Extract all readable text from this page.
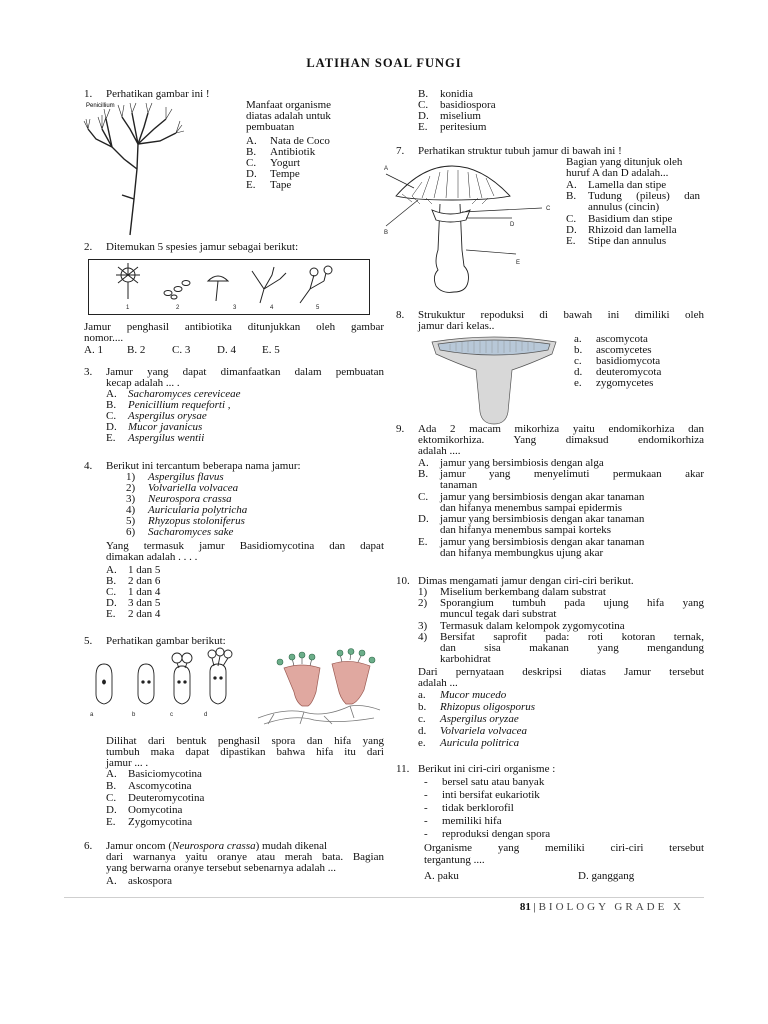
LATIHAN SOAL FUNGI
1.	Perhatikan gambar ini !
Penicillium	Manfaat organisme
diatas adalah untuk
pembuatan
A.	Nata de Coco
B.	Antibiotik
C.	Yogurt
D.	Tempe
E.	Tape
2.	Ditemukan 5 spesies jamur sebagai berikut:
1	2	3	4	5
Jamur penghasil antibiotika ditunjukkan oleh gambar
nomor....
A. 1 B. 2 C. 3 D. 4 E. 5
3.	Jamur yang dapat dimanfaatkan dalam pembuatan
kecap adalah ... .
A.	Sacharomyces cereviceae
B.	Penicillium requeforti ,
C.	Aspergilus orysae
D.	Mucor javanicus
E.	Aspergilus wentii
4.	Berikut ini tercantum beberapa nama jamur:
1)	Aspergilus flavus
2)	Volvariella volvacea
3)	Neurospora crassa
4)	Auricularia polytricha
5)	Rhyzopus stoloniferus
6)	Sacharomyces sake
Yang termasuk jamur Basidiomycotina dan dapat
dimakan adalah . . . .
A.	1 dan 5
B.	2 dan 6
C.	1 dan 4
D.	3 dan 5
E.	2 dan 4
5.	Perhatikan gambar berikut:
a	b	c	d
Dilihat dari bentuk penghasil spora dan hifa yang
tumbuh maka dapat dipastikan bahwa hifa itu dari
jamur ... .
A.	Basiciomycotina
B.	Ascomycotina
C.	Deuteromycotina
D.	Oomycotina
E.	Zygomycotina
6.	Jamur oncom (Neurospora crassa) mudah dikenal
dari warnanya yaitu oranye atau merah bata. Bagian
yang berwarna oranye tersebut sebenarnya adalah ...
A.	askospora
B.	konidia
C.	basidiospora
D.	miselium
E.	peritesium
7.	Perhatikan struktur tubuh jamur di bawah ini !
A
B
C
D
E
Bagian yang ditunjuk oleh
huruf A dan D adalah...
A.	Lamella dan stipe
B.	Tudung (pileus) dan
annulus (cincin)
C.	Basidium dan stipe
D.	Rhizoid dan lamella
E.	Stipe dan annulus
8.	Strukuktur repoduksi di bawah ini dimiliki oleh
jamur dari kelas..
a.	ascomycota
b.	ascomycetes
c.	basidiomycota
d.	deuteromycota
e.	zygomycetes
9.	Ada 2 macam mikorhiza yaitu endomikorhiza dan
ektomikorhiza. Yang dimaksud endomikorhiza
adalah ....
A.	jamur yang bersimbiosis dengan alga
B.	jamur yang menyelimuti permukaan akar
tanaman
C.	jamur yang bersimbiosis dengan akar tanaman
dan hifanya menembus sampai epidermis
D.	jamur yang bersimbiosis dengan akar tanaman
dan hifanya menembus sampai korteks
E.	jamur yang bersimbiosis dengan akar tanaman
dan hifanya membungkus ujung akar
10. Dimas mengamati jamur dengan ciri-ciri berikut.
1)	Miselium berkembang dalam substrat
2)	Sporangium tumbuh pada ujung hifa yang
muncul tegak dari substrat
3)	Termasuk dalam kelompok zygomycotina
4)	Bersifat saprofit pada: roti kotoran ternak,
dan sisa makanan yang mengandung
karbohidrat
Dari pernyataan deskripsi diatas Jamur tersebut
adalah ...
a.	Mucor mucedo
b.	Rhizopus oligosporus
c.	Aspergilus oryzae
d.	Volvariela volvacea
e.	Auricula politrica
11. Berikut ini ciri-ciri organisme :
-	bersel satu atau banyak
-	inti bersifat eukariotik
-	tidak berklorofil
-	memiliki hifa
-	reproduksi dengan spora
Organisme yang memiliki ciri-ciri tersebut
tergantung ....
A. paku	D. ganggang
81 | BIOLOGY GRADE X
